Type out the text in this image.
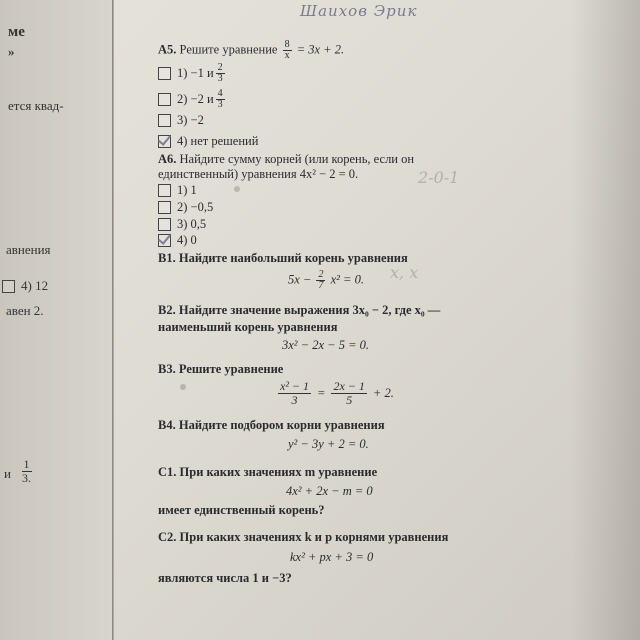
ме
»
ется квад-
авнения
4) 12
авен 2.
и $\frac{1}{3.}$
Шаихов Эрик
А5. Решите уравнение $\frac{8}{x} = 3x + 2$.
1) −1 и $\frac{2}{3}$
2) −2 и $\frac{4}{3}$
3) −2
4) нет решений
А6. Найдите сумму корней (или корень, если он
единственный) уравнения 4x² − 2 = 0.	2-0-1
1) 1
2) −0,5
3) 0,5
4) 0
В1. Найдите наибольший корень уравнения
$5x - \frac{2}{7} x^2 = 0$. x, x
В2. Найдите значение выражения 3x₀ − 2, где x₀ —
наименьший корень уравнения
3x² − 2x − 5 = 0.
В3. Решите уравнение
$\frac{\text{x² − 1}}{3} = \frac{2x - 1}{5} + 2$.
В4. Найдите подбором корни уравнения
y² − 3y + 2 = 0.
С1. При каких значениях m уравнение
4x² + 2x − m = 0
имеет единственный корень?
С2. При каких значениях k и p корнями уравнения
kx² + px + 3 = 0
являются числа 1 и −3?
